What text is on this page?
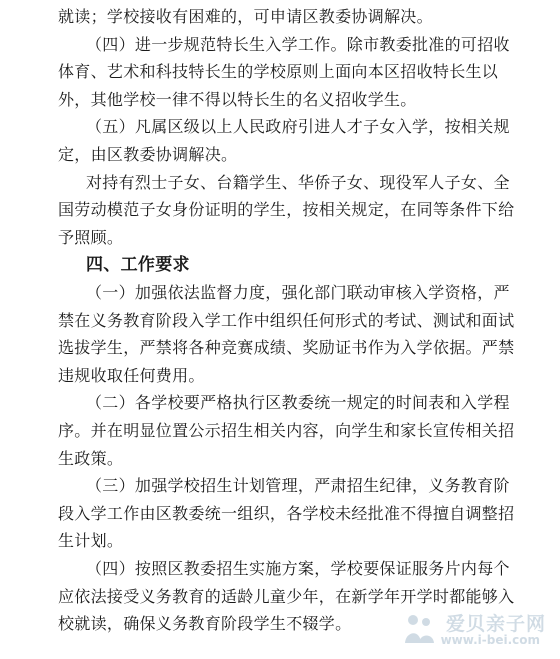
就读；学校接收有困难的，可申请区教委协调解决。
（四）进一步规范特长生入学工作。除市教委批准的可招收
体育、艺术和科技特长生的学校原则上面向本区招收特长生以
外，其他学校一律不得以特长生的名义招收学生。
（五）凡属区级以上人民政府引进人才子女入学，按相关规
定，由区教委协调解决。
对持有烈士子女、台籍学生、华侨子女、现役军人子女、全
国劳动模范子女身份证明的学生，按相关规定，在同等条件下给
予照顾。
四、工作要求
（一）加强依法监督力度，强化部门联动审核入学资格，严
禁在义务教育阶段入学工作中组织任何形式的考试、测试和面试
选拔学生，严禁将各种竞赛成绩、奖励证书作为入学依据。严禁
违规收取任何费用。
（二）各学校要严格执行区教委统一规定的时间表和入学程
序。并在明显位置公示招生相关内容，向学生和家长宣传相关招
生政策。
（三）加强学校招生计划管理，严肃招生纪律，义务教育阶
段入学工作由区教委统一组织，各学校未经批准不得擅自调整招
生计划。
（四）按照区教委招生实施方案，学校要保证服务片内每个
应依法接受义务教育的适龄儿童少年，在新学年开学时都能够入
校就读，确保义务教育阶段学生不辍学。	爱贝亲子网
www.i-bei.com
